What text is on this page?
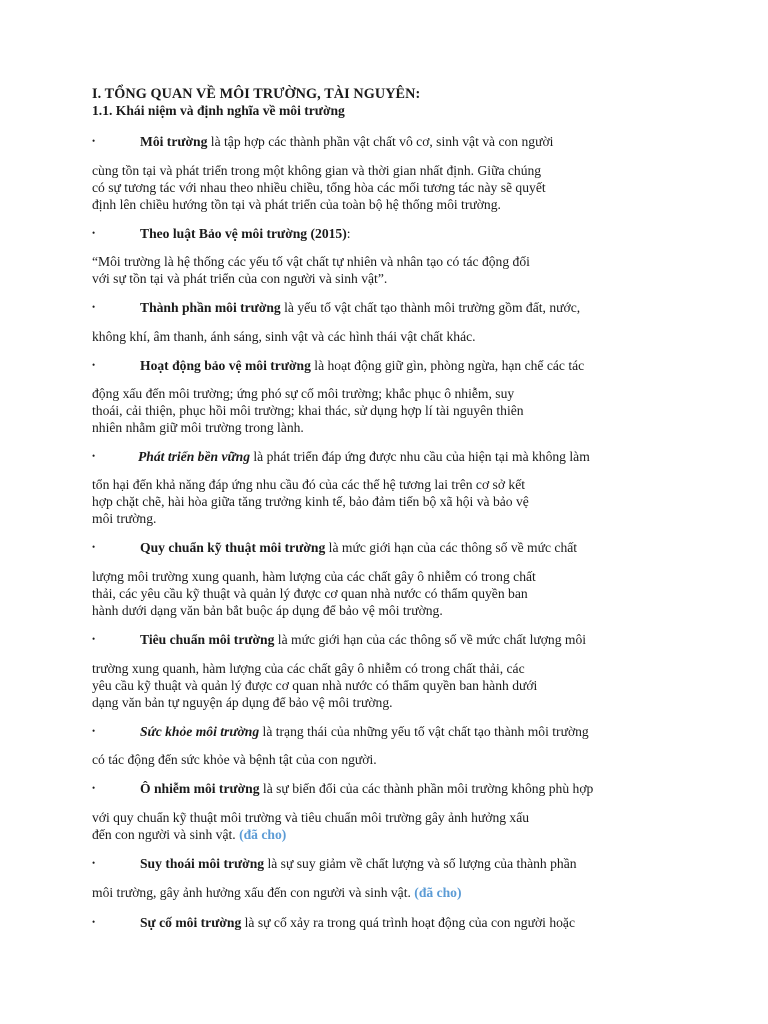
I. TỔNG QUAN VỀ MÔI TRƯỜNG, TÀI NGUYÊN:
1.1. Khái niệm và định nghĩa về môi trường
•	Môi trường là tập hợp các thành phần vật chất vô cơ, sinh vật và con người
cùng tồn tại và phát triển trong một không gian và thời gian nhất định. Giữa chúng
có sự tương tác với nhau theo nhiều chiều, tổng hòa các mối tương tác này sẽ quyết
định lên chiều hướng tồn tại và phát triển của toàn bộ hệ thống môi trường.
•	Theo luật Bảo vệ môi trường (2015):
“Môi trường là hệ thống các yếu tố vật chất tự nhiên và nhân tạo có tác động đối
với sự tồn tại và phát triển của con người và sinh vật”.
•	Thành phần môi trường là yếu tố vật chất tạo thành môi trường gồm đất, nước,
không khí, âm thanh, ánh sáng, sinh vật và các hình thái vật chất khác.
•	Hoạt động bảo vệ môi trường là hoạt động giữ gìn, phòng ngừa, hạn chế các tác
động xấu đến môi trường; ứng phó sự cố môi trường; khắc phục ô nhiễm, suy
thoái, cải thiện, phục hồi môi trường; khai thác, sử dụng hợp lí tài nguyên thiên
nhiên nhằm giữ môi trường trong lành.
•	Phát triển bền vững là phát triển đáp ứng được nhu cầu của hiện tại mà không làm
tổn hại đến khả năng đáp ứng nhu cầu đó của các thế hệ tương lai trên cơ sở kết
hợp chặt chẽ, hài hòa giữa tăng trưởng kinh tế, bảo đảm tiến bộ xã hội và bảo vệ
môi trường.
•	Quy chuẩn kỹ thuật môi trường là mức giới hạn của các thông số về mức chất
lượng môi trường xung quanh, hàm lượng của các chất gây ô nhiễm có trong chất
thải, các yêu cầu kỹ thuật và quản lý được cơ quan nhà nước có thẩm quyền ban
hành dưới dạng văn bản bắt buộc áp dụng để bảo vệ môi trường.
•	Tiêu chuẩn môi trường là mức giới hạn của các thông số về mức chất lượng môi
trường xung quanh, hàm lượng của các chất gây ô nhiễm có trong chất thải, các
yêu cầu kỹ thuật và quản lý được cơ quan nhà nước có thẩm quyền ban hành dưới
dạng văn bản tự nguyện áp dụng để bảo vệ môi trường.
•	Sức khỏe môi trường là trạng thái của những yếu tố vật chất tạo thành môi trường
có tác động đến sức khỏe và bệnh tật của con người.
•	Ô nhiễm môi trường là sự biến đổi của các thành phần môi trường không phù hợp
với quy chuẩn kỹ thuật môi trường và tiêu chuẩn môi trường gây ảnh hưởng xấu
đến con người và sinh vật. (đã cho)
•	Suy thoái môi trường là sự suy giảm về chất lượng và số lượng của thành phần
môi trường, gây ảnh hưởng xấu đến con người và sinh vật. (đã cho)
•	Sự cố môi trường là sự cố xảy ra trong quá trình hoạt động của con người hoặc
